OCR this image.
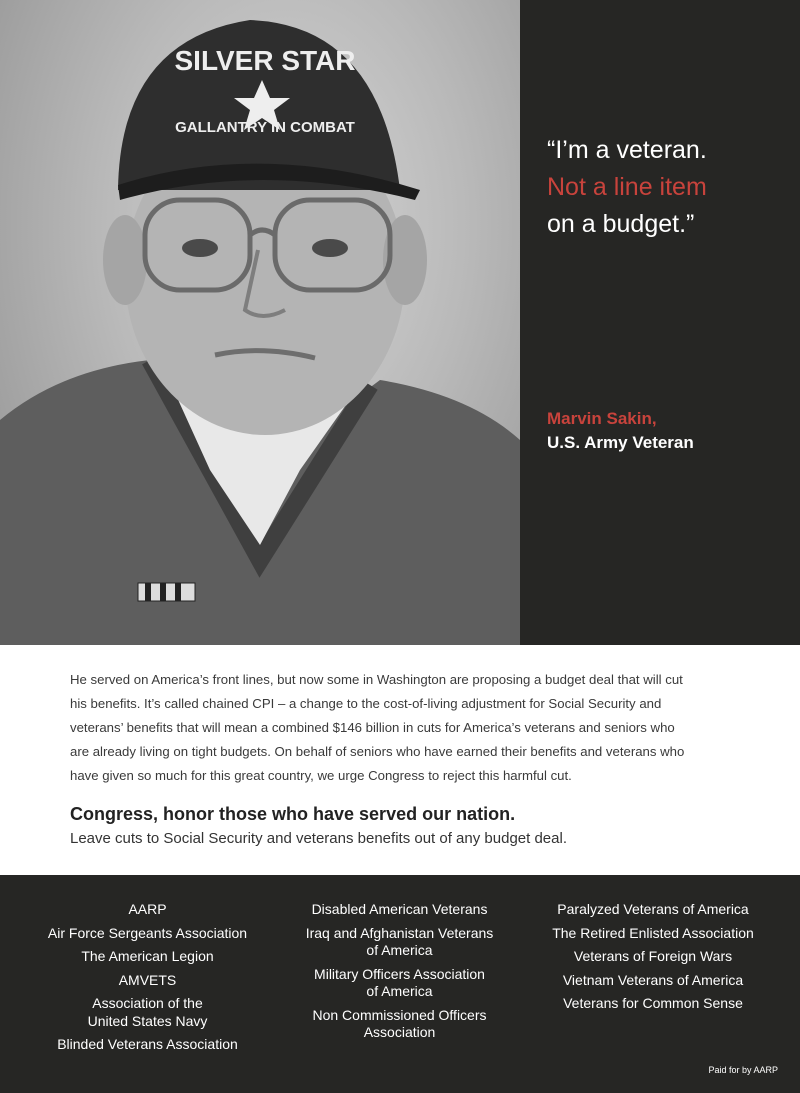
SILVER STAR
GALLANTRY IN COMBAT
“I’m a veteran.
Not a line item
on a budget.”
Marvin Sakin,
U.S. Army Veteran
He served on America’s front lines, but now some in Washington are proposing a budget deal that will cut
his benefits. It’s called chained CPI – a change to the cost-of-living adjustment for Social Security and
veterans’ benefits that will mean a combined $146 billion in cuts for America’s veterans and seniors who
are already living on tight budgets. On behalf of seniors who have earned their benefits and veterans who
have given so much for this great country, we urge Congress to reject this harmful cut.
Congress, honor those who have served our nation.
Leave cuts to Social Security and veterans benefits out of any budget deal.
AARP
Air Force Sergeants Association
The American Legion
AMVETS
Association of the
United States Navy
Blinded Veterans Association
Disabled American Veterans
Iraq and Afghanistan Veterans
of America
Military Officers Association
of America
Non Commissioned Officers
Association
Paralyzed Veterans of America
The Retired Enlisted Association
Veterans of Foreign Wars
Vietnam Veterans of America
Veterans for Common Sense
Paid for by AARP
